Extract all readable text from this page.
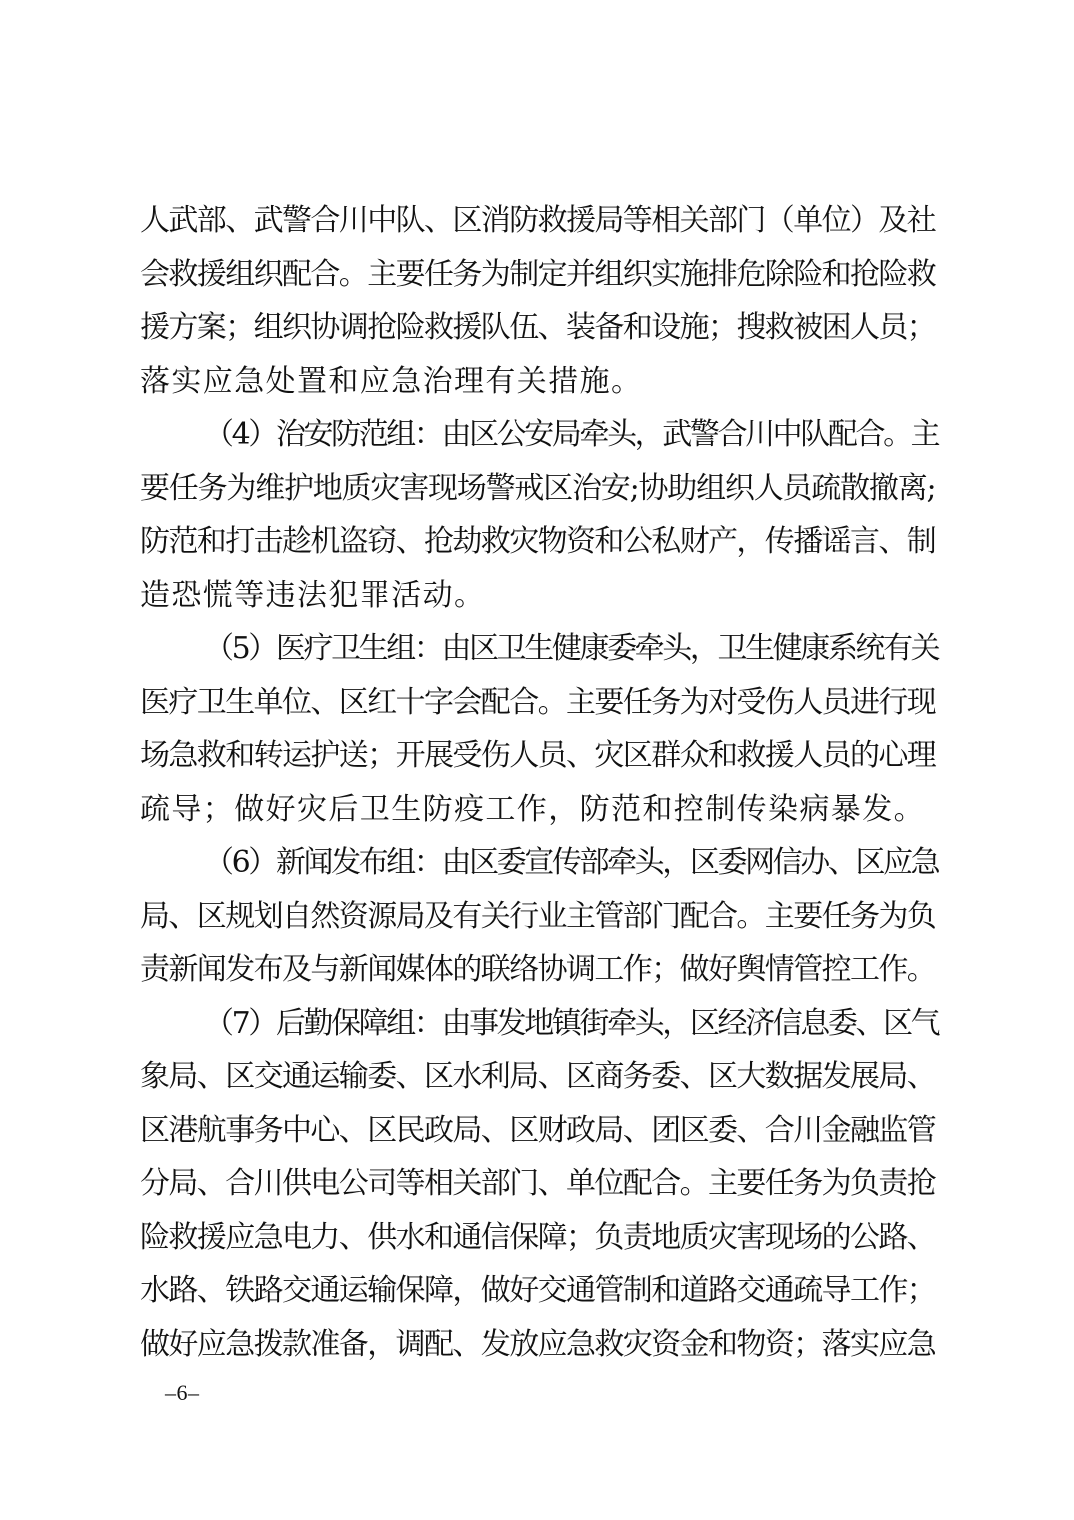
人武部、武警合川中队、区消防救援局等相关部门（单位）及社
会救援组织配合。主要任务为制定并组织实施排危除险和抢险救
援方案；组织协调抢险救援队伍、装备和设施；搜救被困人员；
落实应急处置和应急治理有关措施。
（4）治安防范组：由区公安局牵头，武警合川中队配合。主
要任务为维护地质灾害现场警戒区治安;协助组织人员疏散撤离;
防范和打击趁机盗窃、抢劫救灾物资和公私财产，传播谣言、制
造恐慌等违法犯罪活动。
（5）医疗卫生组：由区卫生健康委牵头，卫生健康系统有关
医疗卫生单位、区红十字会配合。主要任务为对受伤人员进行现
场急救和转运护送；开展受伤人员、灾区群众和救援人员的心理
疏导；做好灾后卫生防疫工作，防范和控制传染病暴发。
（6）新闻发布组：由区委宣传部牵头，区委网信办、区应急
局、区规划自然资源局及有关行业主管部门配合。主要任务为负
责新闻发布及与新闻媒体的联络协调工作；做好舆情管控工作。
（7）后勤保障组：由事发地镇街牵头，区经济信息委、区气
象局、区交通运输委、区水利局、区商务委、区大数据发展局、
区港航事务中心、区民政局、区财政局、团区委、合川金融监管
分局、合川供电公司等相关部门、单位配合。主要任务为负责抢
险救援应急电力、供水和通信保障；负责地质灾害现场的公路、
水路、铁路交通运输保障，做好交通管制和道路交通疏导工作；
做好应急拨款准备，调配、发放应急救灾资金和物资；落实应急
–6–
